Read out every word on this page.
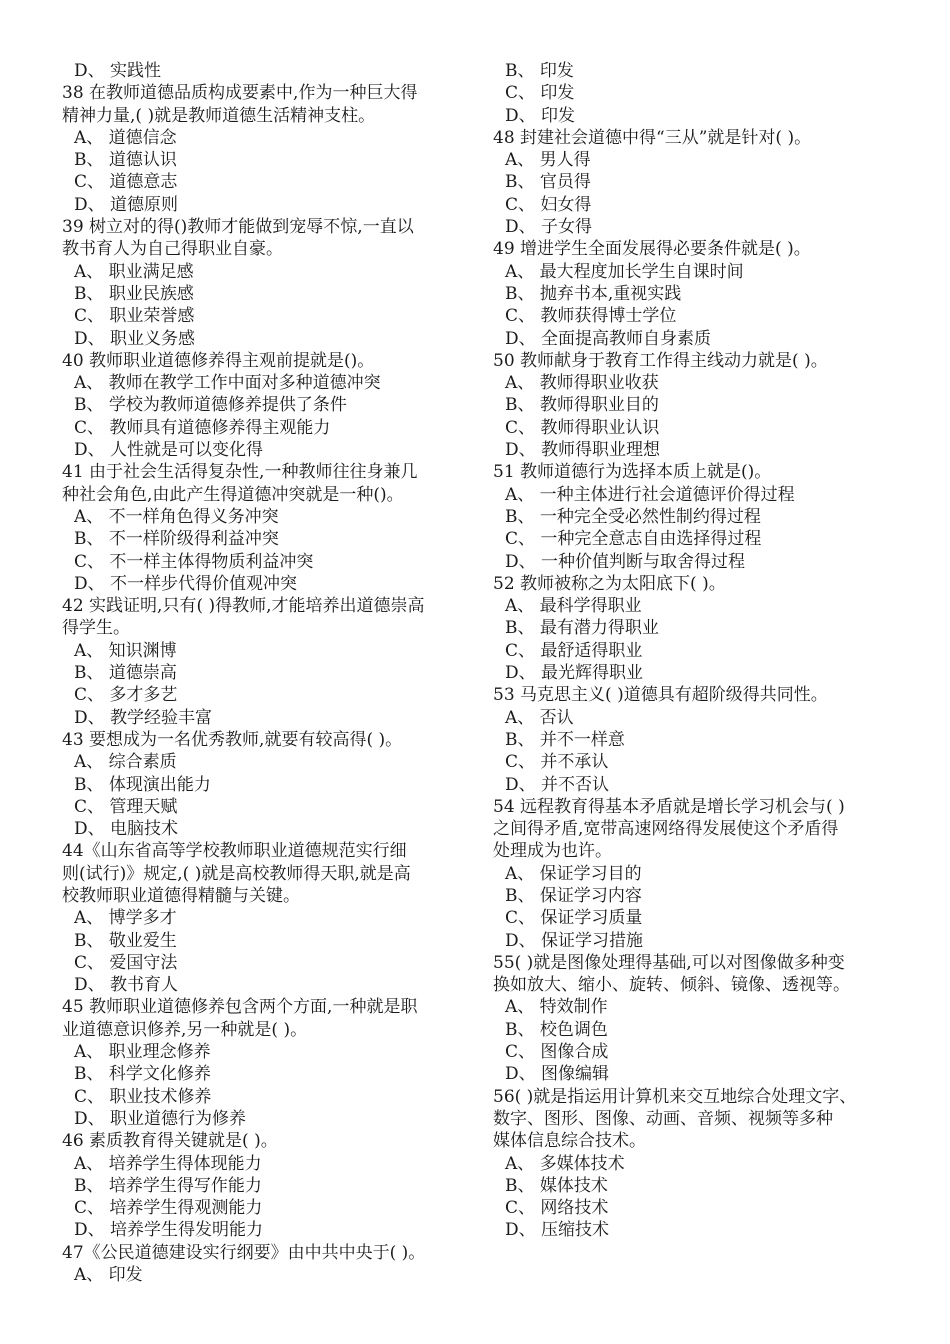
D、 实践性
38 在教师道德品质构成要素中,作为一种巨大得
精神力量,( )就是教师道德生活精神支柱。
A、 道德信念
B、 道德认识
C、 道德意志
D、 道德原则
39 树立对的得()教师才能做到宠辱不惊,一直以
教书育人为自己得职业自豪。
A、 职业满足感
B、 职业民族感
C、 职业荣誉感
D、 职业义务感
40 教师职业道德修养得主观前提就是()。
A、 教师在教学工作中面对多种道德冲突
B、 学校为教师道德修养提供了条件
C、 教师具有道德修养得主观能力
D、 人性就是可以变化得
41 由于社会生活得复杂性,一种教师往往身兼几
种社会角色,由此产生得道德冲突就是一种()。
A、 不一样角色得义务冲突
B、 不一样阶级得利益冲突
C、 不一样主体得物质利益冲突
D、 不一样步代得价值观冲突
42 实践证明,只有( )得教师,才能培养出道德崇高
得学生。
A、 知识渊博
B、 道德崇高
C、 多才多艺
D、 教学经验丰富
43 要想成为一名优秀教师,就要有较高得( )。
A、 综合素质
B、 体现演出能力
C、 管理天赋
D、 电脑技术
44《山东省高等学校教师职业道德规范实行细
则(试行)》规定,( )就是高校教师得天职,就是高
校教师职业道德得精髓与关键。
A、 博学多才
B、 敬业爱生
C、 爱国守法
D、 教书育人
45 教师职业道德修养包含两个方面,一种就是职
业道德意识修养,另一种就是( )。
A、 职业理念修养
B、 科学文化修养
C、 职业技术修养
D、 职业道德行为修养
46 素质教育得关键就是( )。
A、 培养学生得体现能力
B、 培养学生得写作能力
C、 培养学生得观测能力
D、 培养学生得发明能力
47《公民道德建设实行纲要》由中共中央于( )。
A、 印发
B、 印发
C、 印发
D、 印发
48 封建社会道德中得“三从”就是针对( )。
A、 男人得
B、 官员得
C、 妇女得
D、 子女得
49 增进学生全面发展得必要条件就是( )。
A、 最大程度加长学生自课时间
B、 抛弃书本,重视实践
C、 教师获得博士学位
D、 全面提高教师自身素质
50 教师献身于教育工作得主线动力就是( )。
A、 教师得职业收获
B、 教师得职业目的
C、 教师得职业认识
D、 教师得职业理想
51 教师道德行为选择本质上就是()。
A、 一种主体进行社会道德评价得过程
B、 一种完全受必然性制约得过程
C、 一种完全意志自由选择得过程
D、 一种价值判断与取舍得过程
52 教师被称之为太阳底下( )。
A、 最科学得职业
B、 最有潜力得职业
C、 最舒适得职业
D、 最光辉得职业
53 马克思主义( )道德具有超阶级得共同性。
A、 否认
B、 并不一样意
C、 并不承认
D、 并不否认
54 远程教育得基本矛盾就是增长学习机会与( )
之间得矛盾,宽带高速网络得发展使这个矛盾得
处理成为也许。
A、 保证学习目的
B、 保证学习内容
C、 保证学习质量
D、 保证学习措施
55( )就是图像处理得基础,可以对图像做多种变
换如放大、缩小、旋转、倾斜、镜像、透视等。
A、 特效制作
B、 校色调色
C、 图像合成
D、 图像编辑
56( )就是指运用计算机来交互地综合处理文字、
数字、图形、图像、动画、音频、视频等多种
媒体信息综合技术。
A、 多媒体技术
B、 媒体技术
C、 网络技术
D、 压缩技术
